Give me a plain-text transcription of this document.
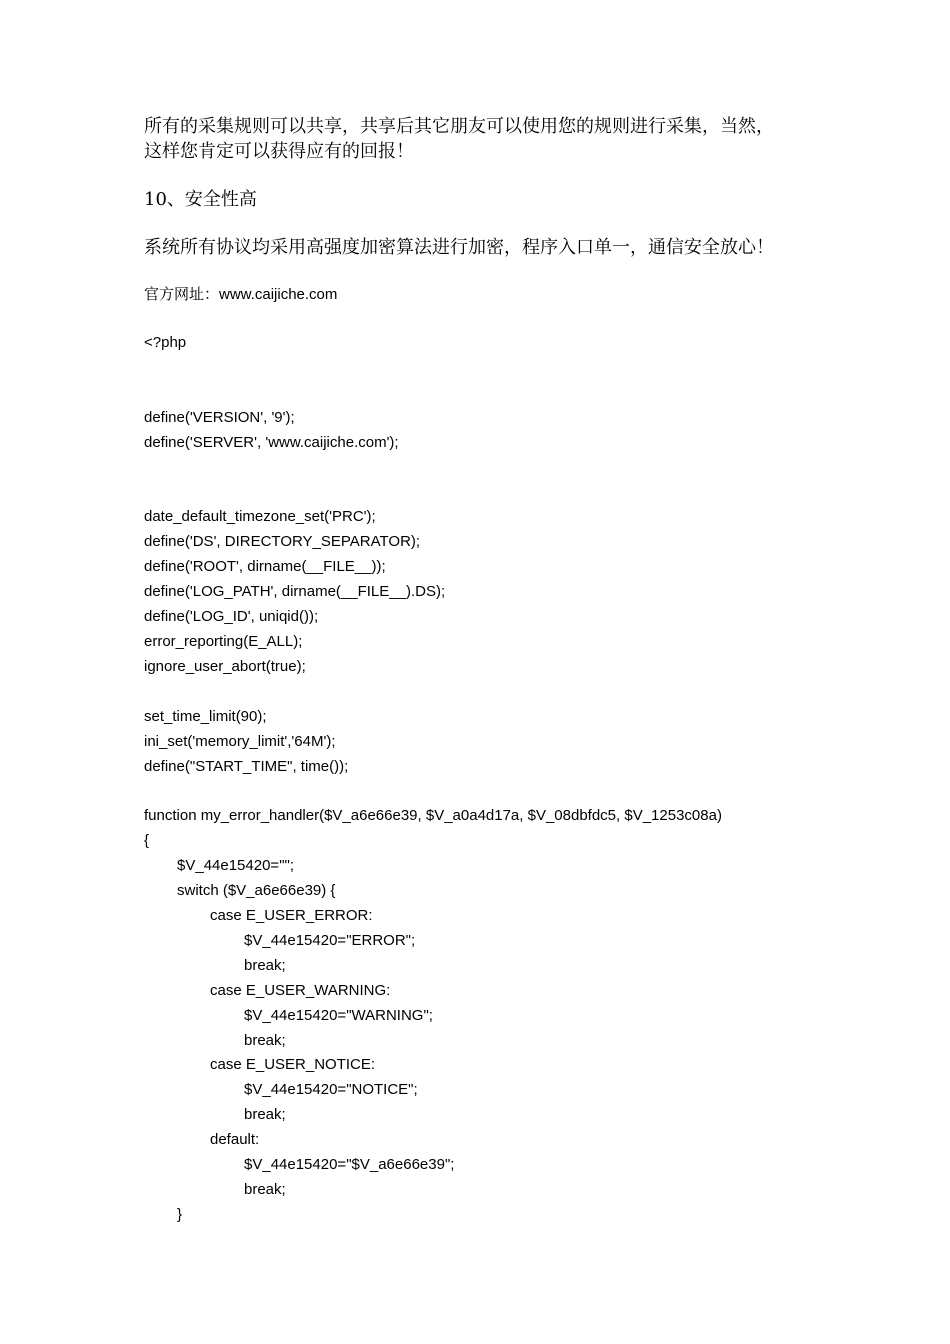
所有的采集规则可以共享，共享后其它朋友可以使用您的规则进行采集，当然，
这样您肯定可以获得应有的回报！
10、安全性高
系统所有协议均采用高强度加密算法进行加密，程序入口单一，通信安全放心！
官方网址：www.caijiche.com
<?php
define('VERSION', '9');
define('SERVER', 'www.caijiche.com');
date_default_timezone_set('PRC');
define('DS', DIRECTORY_SEPARATOR);
define('ROOT', dirname(__FILE__));
define('LOG_PATH', dirname(__FILE__).DS);
define('LOG_ID', uniqid());
error_reporting(E_ALL);
ignore_user_abort(true);
set_time_limit(90);
ini_set('memory_limit','64M');
define("START_TIME", time());
function my_error_handler($V_a6e66e39, $V_a0a4d17a, $V_08dbfdc5, $V_1253c08a)
{
$V_44e15420="";
switch ($V_a6e66e39) {
case E_USER_ERROR:
$V_44e15420="ERROR";
break;
case E_USER_WARNING:
$V_44e15420="WARNING";
break;
case E_USER_NOTICE:
$V_44e15420="NOTICE";
break;
default:
$V_44e15420="$V_a6e66e39";
break;
}
